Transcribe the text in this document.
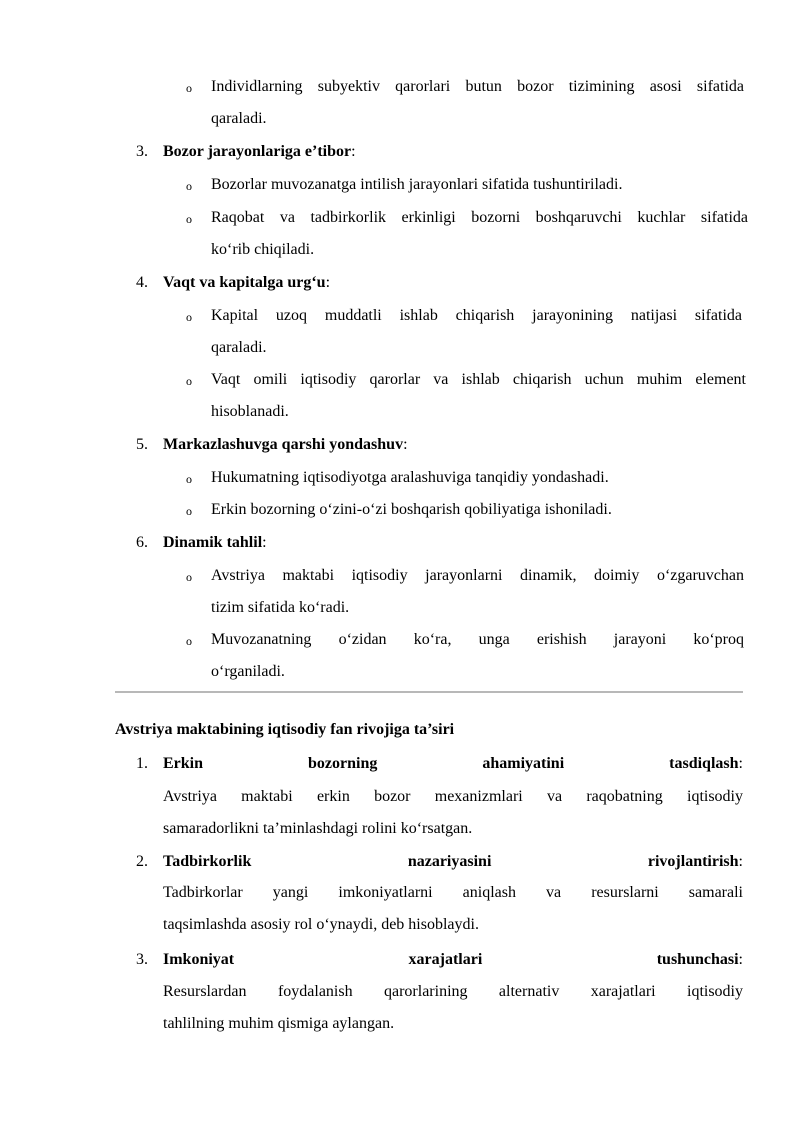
o Individlarning subyektiv qarorlari butun bozor tizimining asosi sifatida
qaraladi.
3. Bozor jarayonlariga e’tibor:
o Bozorlar muvozanatga intilish jarayonlari sifatida tushuntiriladi.
o Raqobat va tadbirkorlik erkinligi bozorni boshqaruvchi kuchlar sifatida
ko‘rib chiqiladi.
4. Vaqt va kapitalga urg‘u:
o Kapital uzoq muddatli ishlab chiqarish jarayonining natijasi sifatida
qaraladi.
o Vaqt omili iqtisodiy qarorlar va ishlab chiqarish uchun muhim element
hisoblanadi.
5. Markazlashuvga qarshi yondashuv:
o Hukumatning iqtisodiyotga aralashuviga tanqidiy yondashadi.
o Erkin bozorning o‘zini-o‘zi boshqarish qobiliyatiga ishoniladi.
6. Dinamik tahlil:
o Avstriya maktabi iqtisodiy jarayonlarni dinamik, doimiy o‘zgaruvchan
tizim sifatida ko‘radi.
o Muvozanatning o‘zidan ko‘ra, unga erishish jarayoni ko‘proq
o‘rganiladi.
Avstriya maktabining iqtisodiy fan rivojiga ta’siri
1. Erkin	bozorning	ahamiyatini	tasdiqlash:
Avstriya maktabi erkin bozor mexanizmlari va raqobatning iqtisodiy
samaradorlikni ta’minlashdagi rolini ko‘rsatgan.
2. Tadbirkorlik	nazariyasini	rivojlantirish:
Tadbirkorlar yangi imkoniyatlarni aniqlash va resurslarni samarali
taqsimlashda asosiy rol o‘ynaydi, deb hisoblaydi.
3. Imkoniyat	xarajatlari	tushunchasi:
Resurslardan foydalanish qarorlarining alternativ xarajatlari iqtisodiy
tahlilning muhim qismiga aylangan.
